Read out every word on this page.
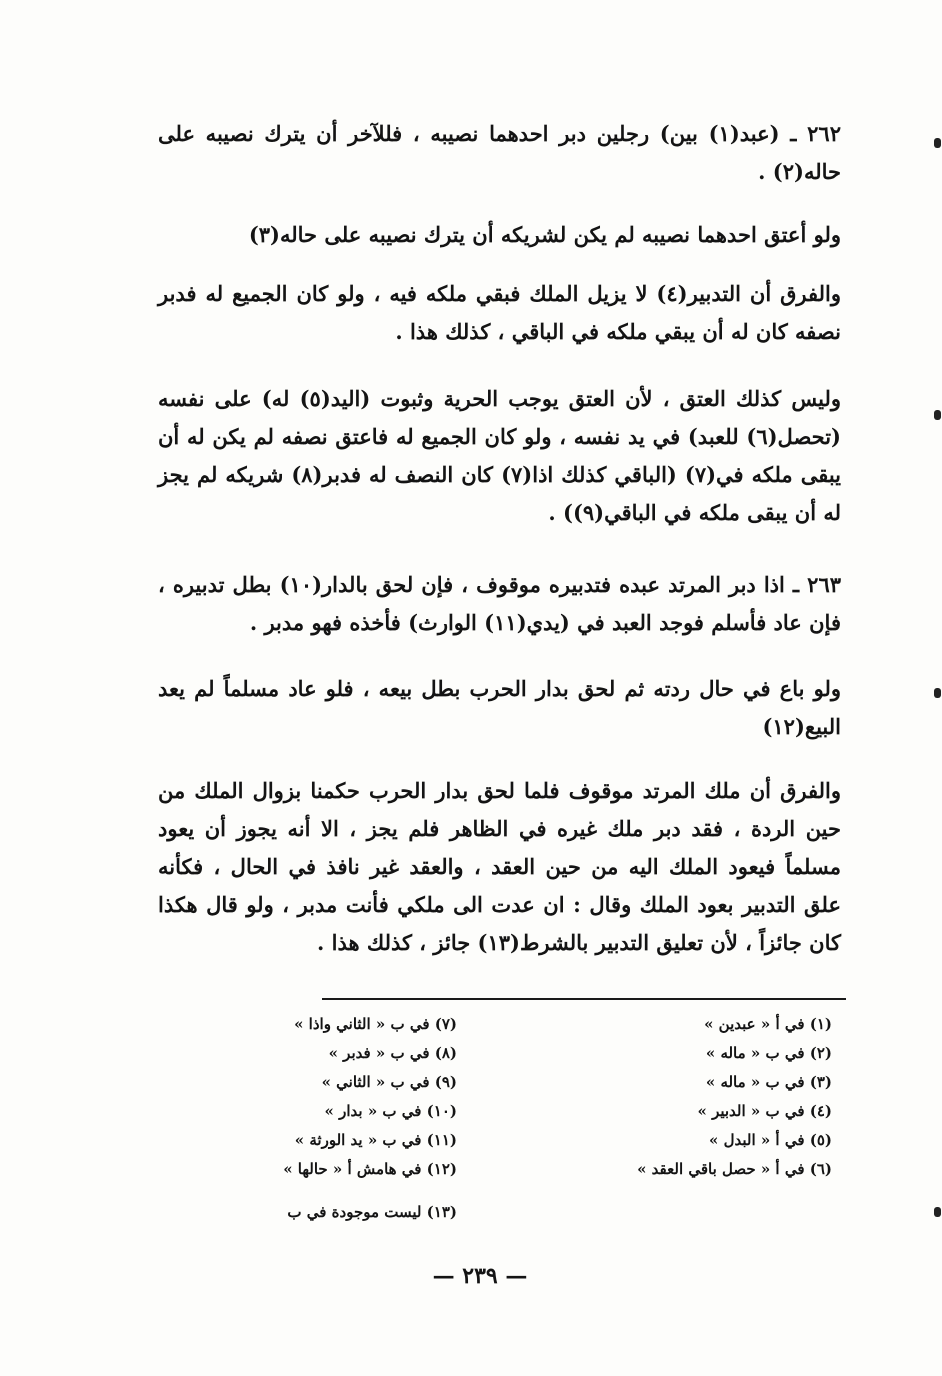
٢٦٢ ـ (عبد(١) بين) رجلين دبر احدهما نصيبه ، فللآخر أن يترك نصيبه على حاله(٢) .
ولو أعتق احدهما نصيبه لم يكن لشريكه أن يترك نصيبه على حاله(٣)
والفرق أن التدبير(٤) لا يزيل الملك فبقي ملكه فيه ، ولو كان الجميع له فدبر نصفه كان له أن يبقي ملكه في الباقي ، كذلك هذا .
وليس كذلك العتق ، لأن العتق يوجب الحرية وثبوت (اليد(٥) له) على نفسه (تحصل(٦) للعبد) في يد نفسه ، ولو كان الجميع له فاعتق نصفه لم يكن له أن يبقى ملكه في(٧) (الباقي كذلك اذا(٧) كان النصف له فدبر(٨) شريكه لم يجز له أن يبقى ملكه في الباقي(٩)) .
٢٦٣ ـ اذا دبر المرتد عبده فتدبيره موقوف ، فإن لحق بالدار(١٠) بطل تدبيره ، فإن عاد فأسلم فوجد العبد في (يدي(١١) الوارث) فأخذه فهو مدبر .
ولو باع في حال ردته ثم لحق بدار الحرب بطل بيعه ، فلو عاد مسلماً لم يعد البيع(١٢)
والفرق أن ملك المرتد موقوف فلما لحق بدار الحرب حكمنا بزوال الملك من حين الردة ، فقد دبر ملك غيره في الظاهر فلم يجز ، الا أنه يجوز أن يعود مسلماً فيعود الملك اليه من حين العقد ، والعقد غير نافذ في الحال ، فكأنه علق التدبير بعود الملك وقال : ان عدت الى ملكي فأنت مدبر ، ولو قال هكذا كان جائزاً ، لأن تعليق التدبير بالشرط(١٣) جائز ، كذلك هذا .
(١) في أ « عبدين »
(٢) في ب « ماله »
(٣) في ب « ماله »
(٤) في ب « الدبير »
(٥) في أ « البدل »
(٦) في أ « حصل باقي العقد »
(٧) في ب « الثاني واذا »
(٨) في ب « فدبر »
(٩) في ب « الثاني »
(١٠) في ب « بدار »
(١١) في ب « يد الورثة »
(١٢) في هامش أ « حالها »
(١٣) ليست موجودة في ب
— ٢٣٩ —
